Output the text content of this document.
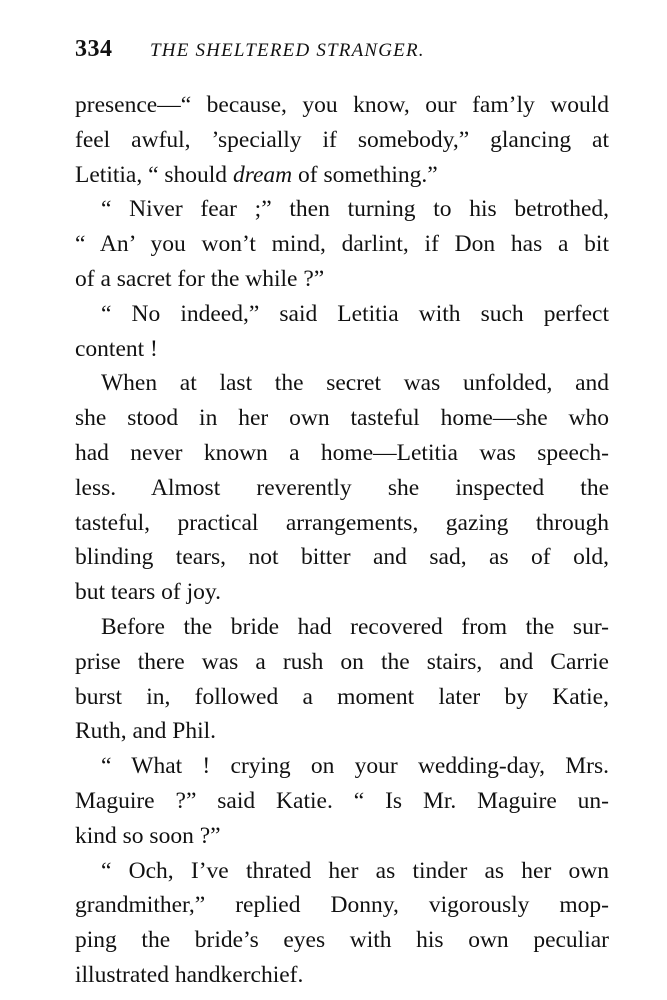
334 THE SHELTERED STRANGER.
presence—“ because, you know, our fam’ly would
feel awful, ’specially if somebody,” glancing at
Letitia, “ should dream of something.”
“ Niver fear ;” then turning to his betrothed,
“ An’ you won’t mind, darlint, if Don has a bit
of a sacret for the while ?”
“ No indeed,” said Letitia with such perfect
content !
When at last the secret was unfolded, and
she stood in her own tasteful home—she who
had never known a home—Letitia was speech-
less. Almost reverently she inspected the
tasteful, practical arrangements, gazing through
blinding tears, not bitter and sad, as of old,
but tears of joy.
Before the bride had recovered from the sur-
prise there was a rush on the stairs, and Carrie
burst in, followed a moment later by Katie,
Ruth, and Phil.
“ What ! crying on your wedding-day, Mrs.
Maguire ?” said Katie. “ Is Mr. Maguire un-
kind so soon ?”
“ Och, I’ve thrated her as tinder as her own
grandmither,” replied Donny, vigorously mop-
ping the bride’s eyes with his own peculiar
illustrated handkerchief.
